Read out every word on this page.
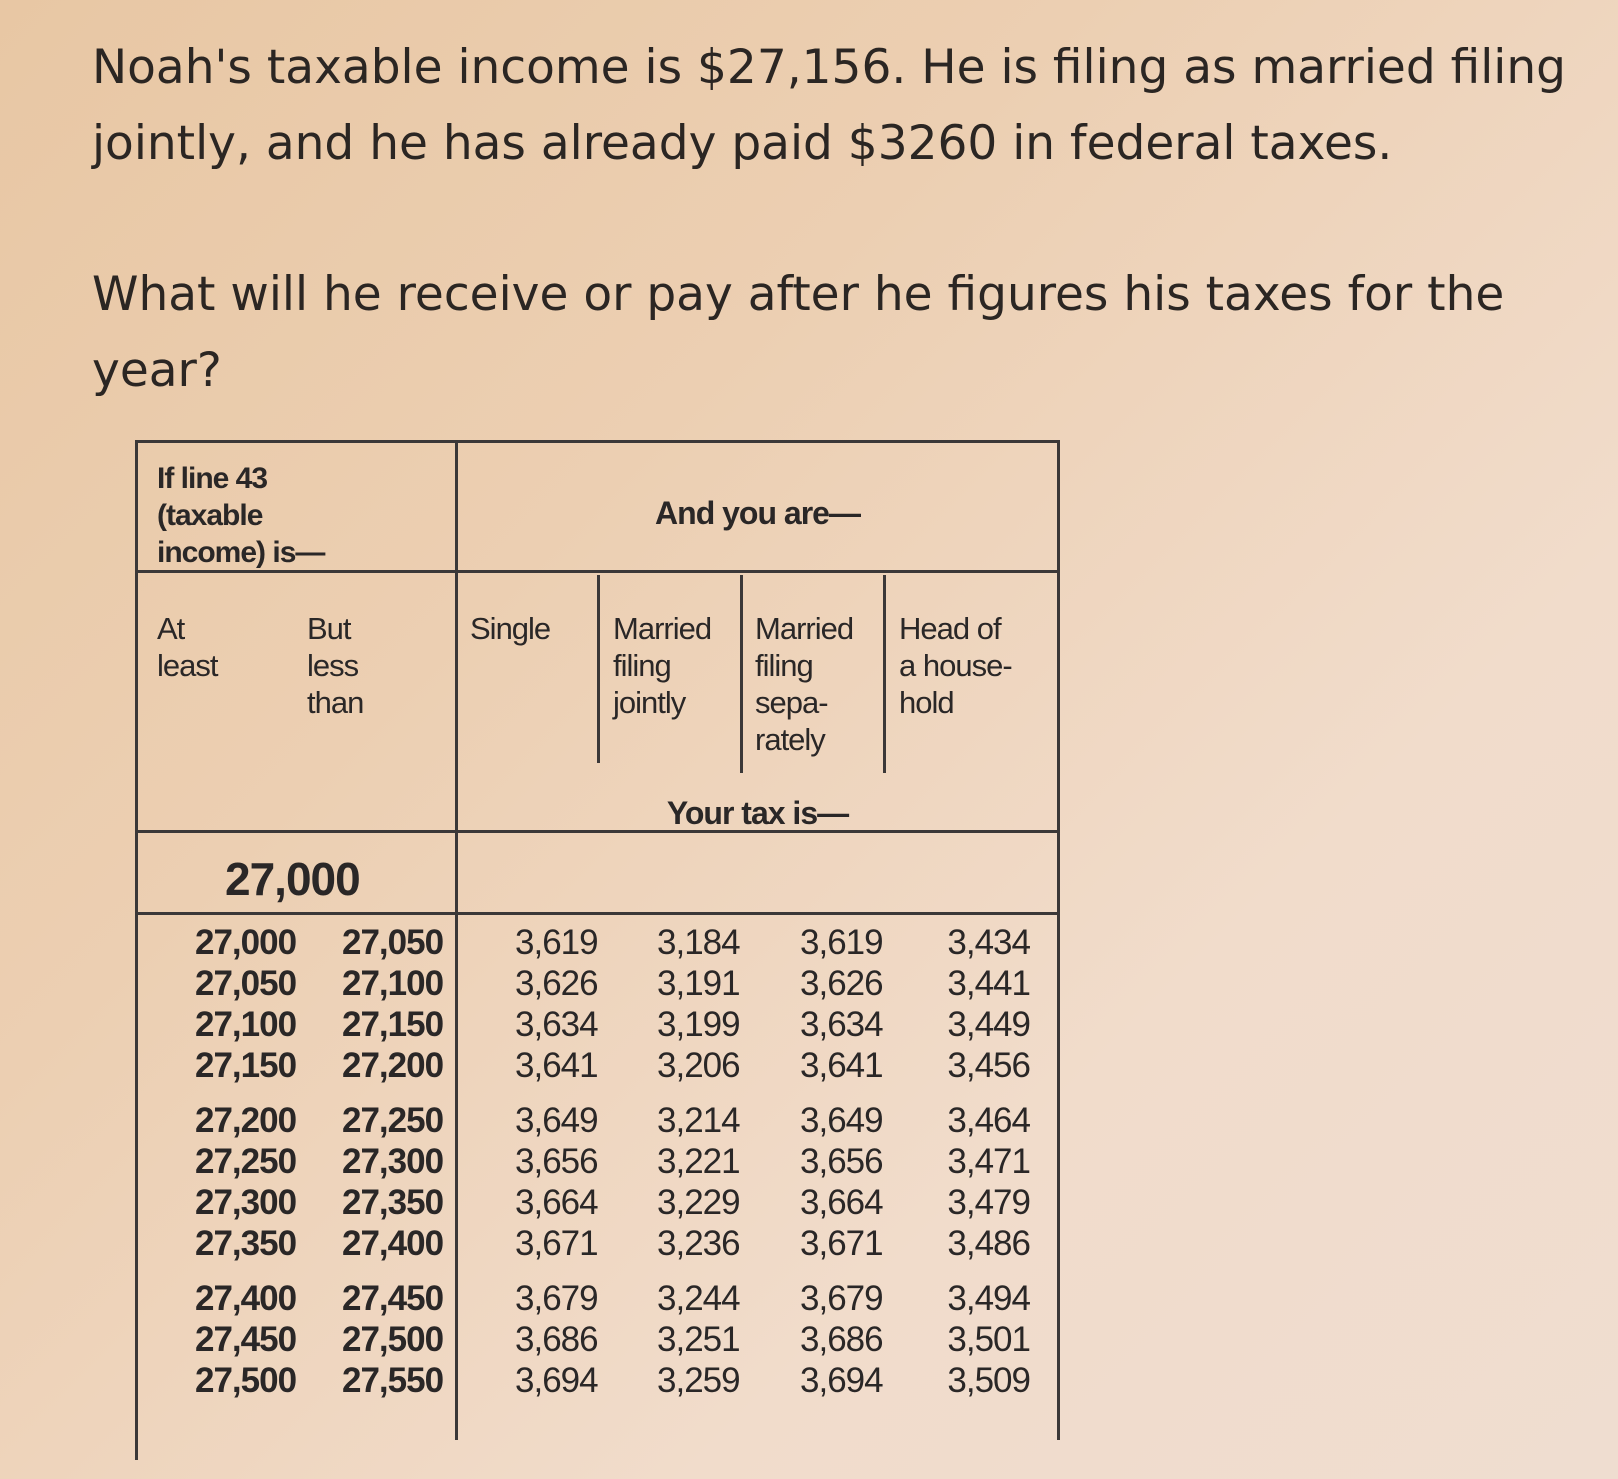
Noah's taxable income is $27,156. He is filing as married filing

jointly, and he has already paid $3260 in federal taxes.

What will he receive or pay after he figures his taxes for the year?

If line 43
(taxable
income) is—
And you are—
At
least
But
less
than
Single Married
filing
jointly
Married
filing
sepa-
rately
Head of
a house-
hold
Your tax is—
27,000
27,000 27,050 3,619 3,184 3,619 3,434
27,050 27,100 3,626 3,191 3,626 3,441
27,100 27,150 3,634 3,199 3,634 3,449
27,150 27,200 3,641 3,206 3,641 3,456
27,200 27,250 3,649 3,214 3,649 3,464
27,250 27,300 3,656 3,221 3,656 3,471
27,300 27,350 3,664 3,229 3,664 3,479
27,350 27,400 3,671 3,236 3,671 3,486
27,400 27,450 3,679 3,244 3,679 3,494
27,450 27,500 3,686 3,251 3,686 3,501
27,500 27,550 3,694 3,259 3,694 3,509
